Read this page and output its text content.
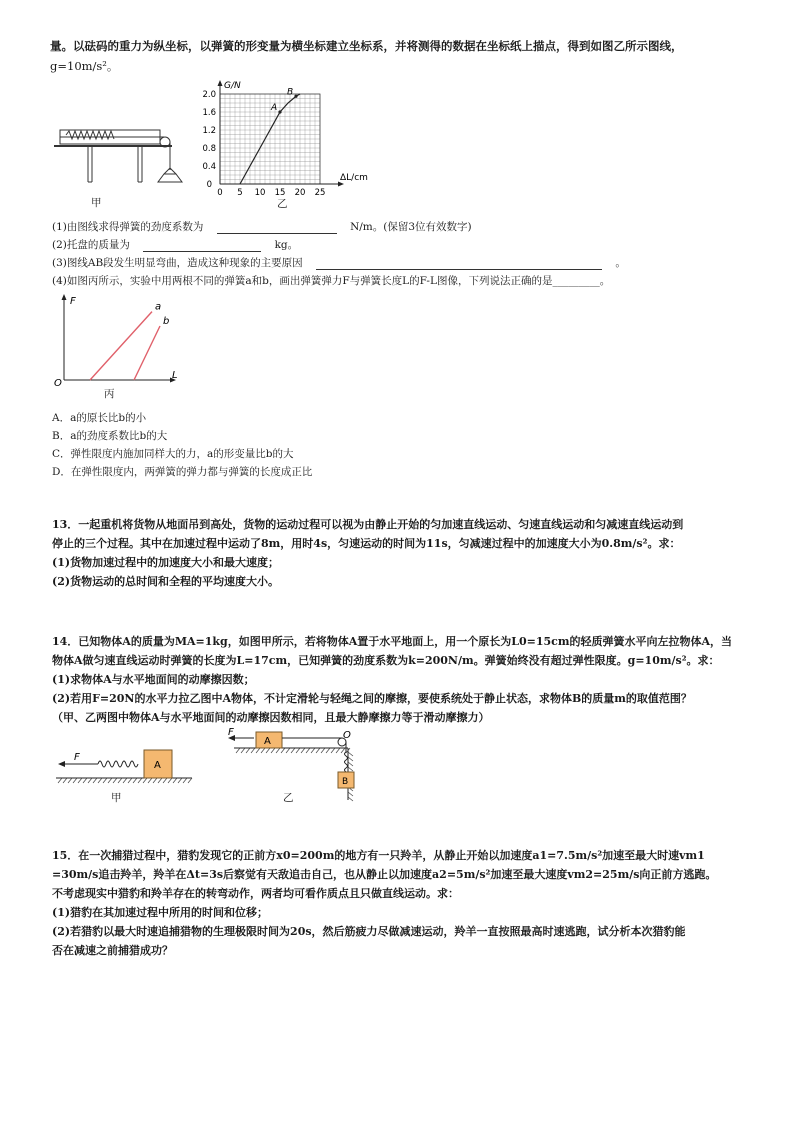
量。以砝码的重力为纵坐标，以弹簧的形变量为横坐标建立坐标系，并将测得的数据在坐标纸上描点，得到如图乙所示图线，
g=10m/s²。
甲
0 5 10 15 20 25
0.4
0.8
1.2
1.6
2.0
0
A
B
G/N
ΔL/cm
乙
(1)由图线求得弹簧的劲度系数为	N/m。(保留3位有效数字)
(2)托盘的质量为	kg。
(3)图线AB段发生明显弯曲，造成这种现象的主要原因	。
(4)如图丙所示，实验中用两根不同的弹簧a和b，画出弹簧弹力F与弹簧长度L的F-L图像，下列说法正确的是_________。
a
b
F
L
O
丙
A．a的原长比b的小
B．a的劲度系数比b的大
C．弹性限度内施加同样大的力，a的形变量比b的大
D．在弹性限度内，两弹簧的弹力都与弹簧的长度成正比
13．一起重机将货物从地面吊到高处，货物的运动过程可以视为由静止开始的匀加速直线运动、匀速直线运动和匀减速直线运动到
停止的三个过程。其中在加速过程中运动了8m，用时4s，匀速运动的时间为11s，匀减速过程中的加速度大小为0.8m/s²。求：
(1)货物加速过程中的加速度大小和最大速度；
(2)货物运动的总时间和全程的平均速度大小。
14．已知物体A的质量为MA=1kg，如图甲所示，若将物体A置于水平地面上，用一个原长为L0=15cm的轻质弹簧水平向左拉物体A，当
物体A做匀速直线运动时弹簧的长度为L=17cm，已知弹簧的劲度系数为k=200N/m。弹簧始终没有超过弹性限度。g=10m/s²。求：
(1)求物体A与水平地面间的动摩擦因数；
(2)若用F=20N的水平力拉乙图中A物体，不计定滑轮与轻绳之间的摩擦，要使系统处于静止状态，求物体B的质量m的取值范围？
（甲、乙两图中物体A与水平地面间的动摩擦因数相同，且最大静摩擦力等于滑动摩擦力）
F
A
甲
F
A
B
O
乙
15．在一次捕猎过程中，猎豹发现它的正前方x0=200m的地方有一只羚羊，从静止开始以加速度a1=7.5m/s²加速至最大时速vm1
=30m/s追击羚羊，羚羊在Δt=3s后察觉有天敌追击自己，也从静止以加速度a2=5m/s²加速至最大速度vm2=25m/s向正前方逃跑。
不考虑现实中猎豹和羚羊存在的转弯动作，两者均可看作质点且只做直线运动。求：
(1)猎豹在其加速过程中所用的时间和位移；
(2)若猎豹以最大时速追捕猎物的生理极限时间为20s，然后筋疲力尽做减速运动，羚羊一直按照最高时速逃跑，试分析本次猎豹能
否在减速之前捕猎成功？
